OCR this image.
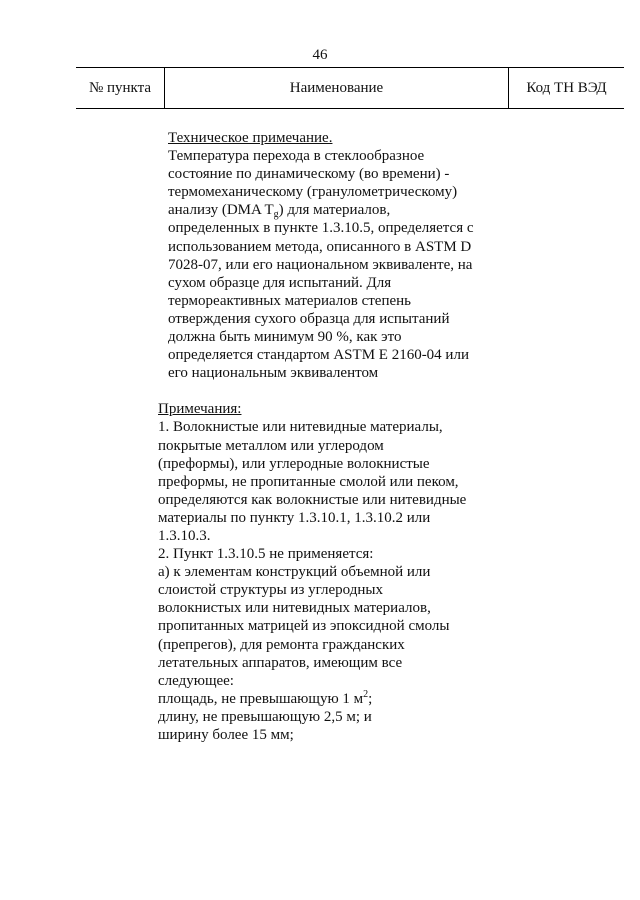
46
№ пункта	Наименование	Код ТН ВЭД
Техническое примечание.
Температура перехода в стеклообразное
состояние по динамическому (во времени) -
термомеханическому (гранулометрическому)
анализу (DMA $T_g$) для материалов,
определенных в пункте 1.3.10.5, определяется с
использованием метода, описанного в ASTM D
7028-07, или его национальном эквиваленте, на
сухом образце для испытаний. Для
термореактивных материалов степень
отверждения сухого образца для испытаний
должна быть минимум 90 %, как это
определяется стандартом ASTM E 2160-04 или
его национальным эквивалентом
Примечания:
1. Волокнистые или нитевидные материалы,
покрытые металлом или углеродом
(преформы), или углеродные волокнистые
преформы, не пропитанные смолой или пеком,
определяются как волокнистые или нитевидные
материалы по пункту 1.3.10.1, 1.3.10.2 или
1.3.10.3.
2. Пункт 1.3.10.5 не применяется:
а) к элементам конструкций объемной или
слоистой структуры из углеродных
волокнистых или нитевидных материалов,
пропитанных матрицей из эпоксидной смолы
(препрегов), для ремонта гражданских
летательных аппаратов, имеющим все
следующее:
площадь, не превышающую 1 $м^2$;
длину, не превышающую 2,5 м; и
ширину более 15 мм;
